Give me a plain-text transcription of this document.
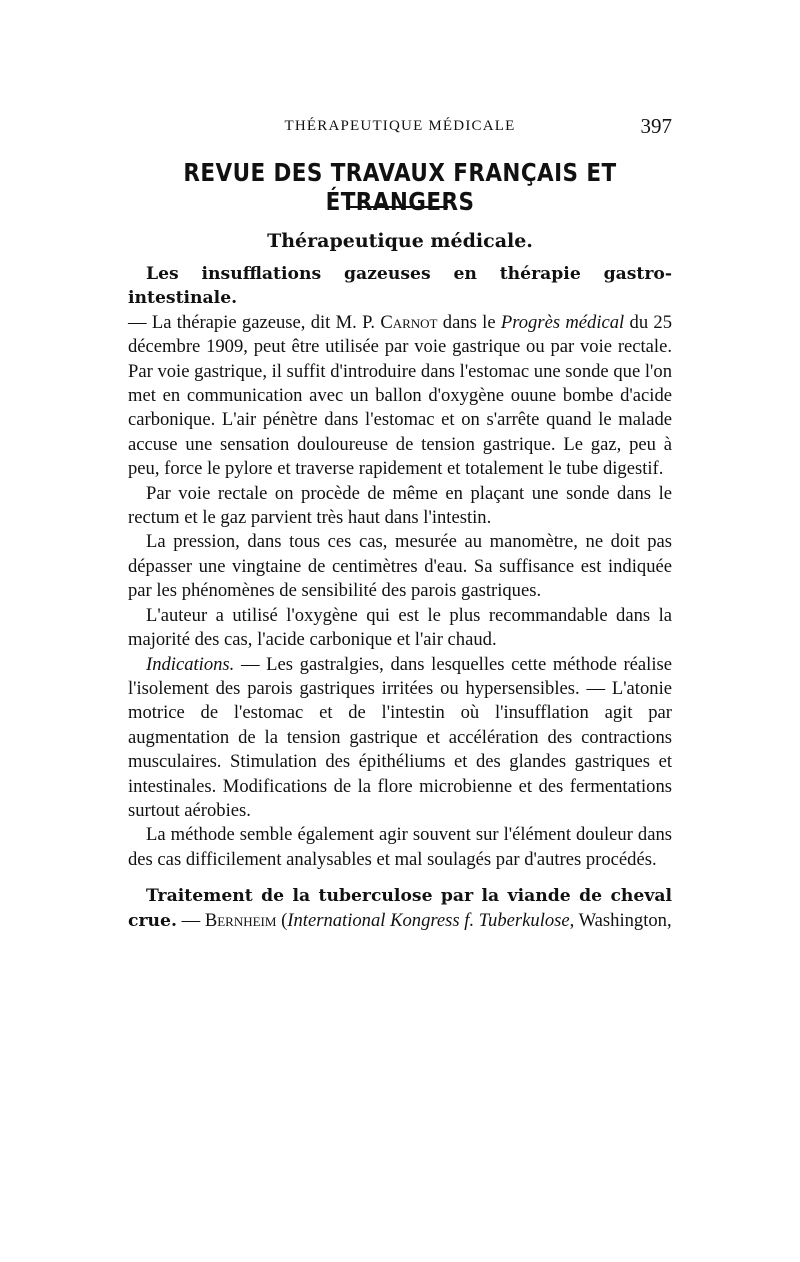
THÉRAPEUTIQUE MÉDICALE	397
REVUE DES TRAVAUX FRANÇAIS ET ÉTRANGERS
Thérapeutique médicale.

Les insufflations gazeuses en thérapie gastro-intestinale.
— La thérapie gazeuse, dit M. P. Carnot dans le Progrès médical du 25 décembre 1909, peut être utilisée par voie gastrique ou par voie rectale. Par voie gastrique, il suffit d'introduire dans l'estomac une sonde que l'on met en communication avec un ballon d'oxygène ouune bombe d'acide carbonique. L'air pénètre dans l'estomac et on s'arrête quand le malade accuse une sensation douloureuse de tension gastrique. Le gaz, peu à peu, force le pylore et traverse rapidement et totalement le tube digestif.

Par voie rectale on procède de même en plaçant une sonde dans le rectum et le gaz parvient très haut dans l'intestin.

La pression, dans tous ces cas, mesurée au manomètre, ne doit pas dépasser une vingtaine de centimètres d'eau. Sa suffisance est indiquée par les phénomènes de sensibilité des parois gastriques.

L'auteur a utilisé l'oxygène qui est le plus recommandable dans la majorité des cas, l'acide carbonique et l'air chaud.

Indications. — Les gastralgies, dans lesquelles cette méthode réalise l'isolement des parois gastriques irritées ou hypersensibles. — L'atonie motrice de l'estomac et de l'intestin où l'insufflation agit par augmentation de la tension gastrique et accélération des contractions musculaires. Stimulation des épithéliums et des glandes gastriques et intestinales. Modifications de la flore microbienne et des fermentations surtout aérobies.

La méthode semble également agir souvent sur l'élément douleur dans des cas difficilement analysables et mal soulagés par d'autres procédés.

Traitement de la tuberculose par la viande de cheval crue. — Bernheim (International Kongress f. Tuberkulose, Washington,
